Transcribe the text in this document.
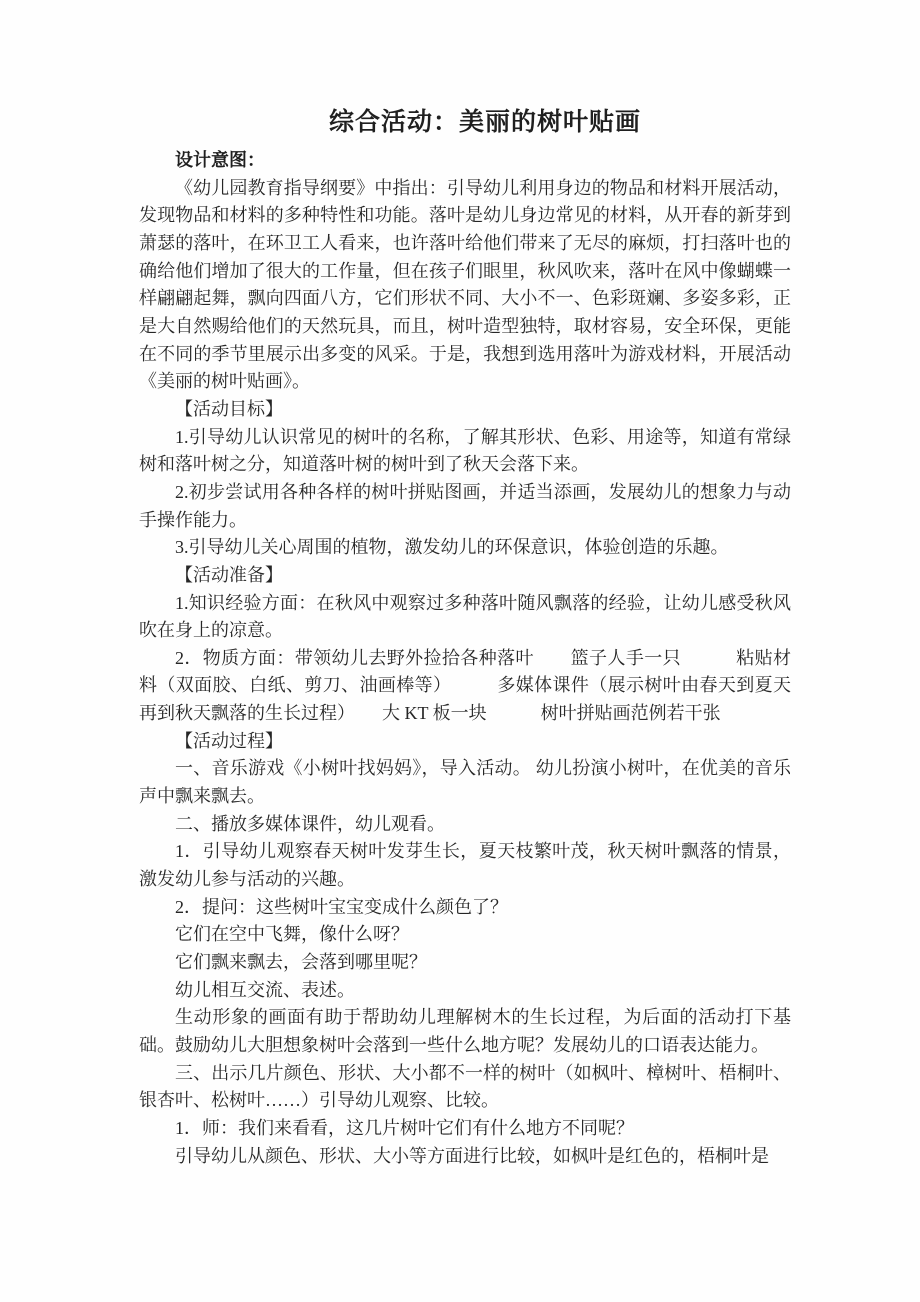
综合活动：美丽的树叶贴画

设计意图：

《幼儿园教育指导纲要》中指出：引导幼儿利用身边的物品和材料开展活动，发现物品和材料的多种特性和功能。落叶是幼儿身边常见的材料，从开春的新芽到萧瑟的落叶，在环卫工人看来，也许落叶给他们带来了无尽的麻烦，打扫落叶也的确给他们增加了很大的工作量，但在孩子们眼里，秋风吹来，落叶在风中像蝴蝶一样翩翩起舞，飘向四面八方，它们形状不同、大小不一、色彩斑斓、多姿多彩，正是大自然赐给他们的天然玩具，而且，树叶造型独特，取材容易，安全环保，更能在不同的季节里展示出多变的风采。于是，我想到选用落叶为游戏材料，开展活动《美丽的树叶贴画》。

【活动目标】

1.引导幼儿认识常见的树叶的名称，了解其形状、色彩、用途等，知道有常绿树和落叶树之分，知道落叶树的树叶到了秋天会落下来。

2.初步尝试用各种各样的树叶拼贴图画，并适当添画，发展幼儿的想象力与动手操作能力。

3.引导幼儿关心周围的植物，激发幼儿的环保意识，体验创造的乐趣。

【活动准备】

1.知识经验方面：在秋风中观察过多种落叶随风飘落的经验，让幼儿感受秋风吹在身上的凉意。

2．物质方面：带领幼儿去野外捡拾各种落叶　　篮子人手一只　　　粘贴材料（双面胶、白纸、剪刀、油画棒等）　　　多媒体课件（展示树叶由春天到夏天再到秋天飘落的生长过程）　　大 KT 板一块　　　树叶拼贴画范例若干张

【活动过程】

一、音乐游戏《小树叶找妈妈》，导入活动。 幼儿扮演小树叶，在优美的音乐声中飘来飘去。

二、播放多媒体课件，幼儿观看。

1．引导幼儿观察春天树叶发芽生长，夏天枝繁叶茂，秋天树叶飘落的情景，激发幼儿参与活动的兴趣。

2．提问：这些树叶宝宝变成什么颜色了？

它们在空中飞舞，像什么呀？

它们飘来飘去，会落到哪里呢？

幼儿相互交流、表述。

生动形象的画面有助于帮助幼儿理解树木的生长过程，为后面的活动打下基础。鼓励幼儿大胆想象树叶会落到一些什么地方呢？发展幼儿的口语表达能力。

三、出示几片颜色、形状、大小都不一样的树叶（如枫叶、樟树叶、梧桐叶、银杏叶、松树叶……）引导幼儿观察、比较。

1．师：我们来看看，这几片树叶它们有什么地方不同呢？

引导幼儿从颜色、形状、大小等方面进行比较，如枫叶是红色的，梧桐叶是
